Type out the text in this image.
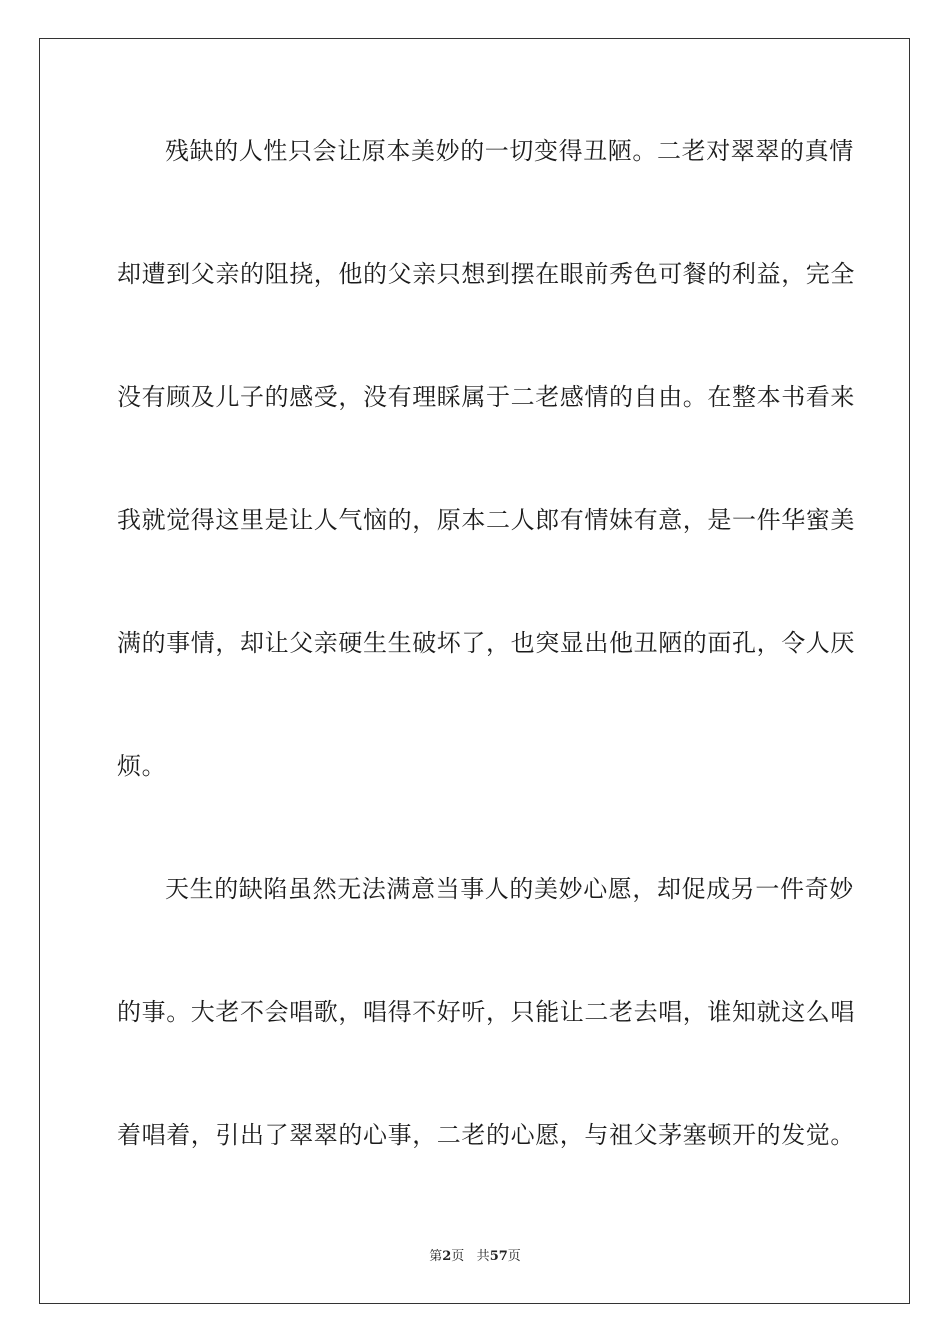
残缺的人性只会让原本美妙的一切变得丑陋。二老对翠翠的真情
却遭到父亲的阻挠，他的父亲只想到摆在眼前秀色可餐的利益，完全
没有顾及儿子的感受，没有理睬属于二老感情的自由。在整本书看来
我就觉得这里是让人气恼的，原本二人郎有情妹有意，是一件华蜜美
满的事情，却让父亲硬生生破坏了，也突显出他丑陋的面孔，令人厌
烦。
天生的缺陷虽然无法满意当事人的美妙心愿，却促成另一件奇妙
的事。大老不会唱歌，唱得不好听，只能让二老去唱，谁知就这么唱
着唱着，引出了翠翠的心事，二老的心愿，与祖父茅塞顿开的发觉。
第2页 共57页
